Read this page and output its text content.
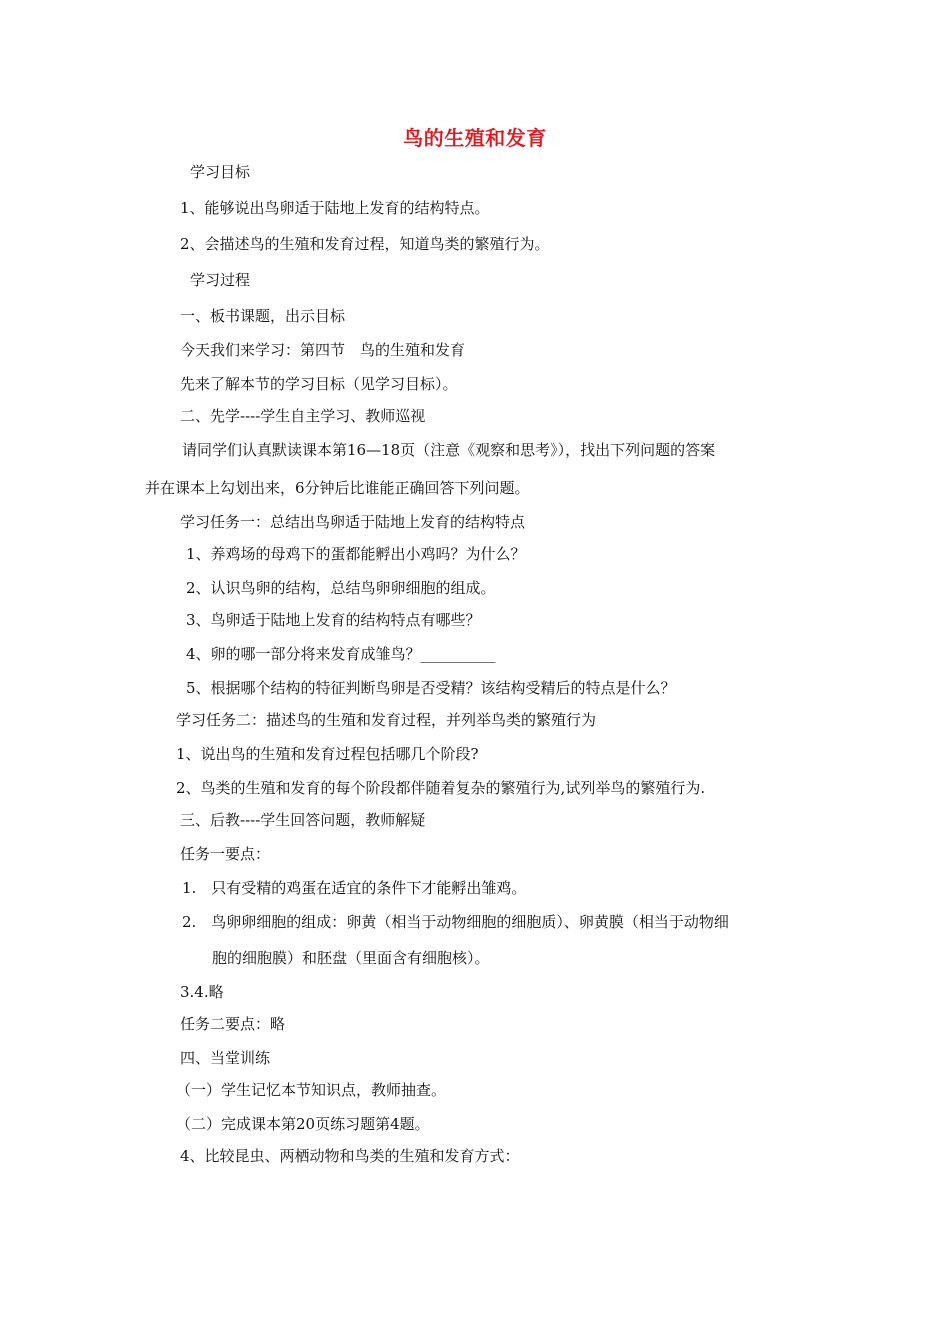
鸟的生殖和发育
学习目标
1、能够说出鸟卵适于陆地上发育的结构特点。
2、会描述鸟的生殖和发育过程，知道鸟类的繁殖行为。
学习过程
一、板书课题，出示目标
今天我们来学习：第四节　鸟的生殖和发育
先来了解本节的学习目标（见学习目标）。
二、先学----学生自主学习、教师巡视
请同学们认真默读课本第16—18页（注意《观察和思考》），找出下列问题的答案
并在课本上勾划出来，6分钟后比谁能正确回答下列问题。
学习任务一：总结出鸟卵适于陆地上发育的结构特点
1、养鸡场的母鸡下的蛋都能孵出小鸡吗？为什么？
2、认识鸟卵的结构，总结鸟卵卵细胞的组成。
3、鸟卵适于陆地上发育的结构特点有哪些？
4、卵的哪一部分将来发育成雏鸟？__________
5、根据哪个结构的特征判断鸟卵是否受精？该结构受精后的特点是什么？
学习任务二：描述鸟的生殖和发育过程，并列举鸟类的繁殖行为
1、说出鸟的生殖和发育过程包括哪几个阶段?
2、鸟类的生殖和发育的每个阶段都伴随着复杂的繁殖行为,试列举鸟的繁殖行为.
三、后教----学生回答问题，教师解疑
任务一要点：
1.　只有受精的鸡蛋在适宜的条件下才能孵出雏鸡。
2.　鸟卵卵细胞的组成：卵黄（相当于动物细胞的细胞质）、卵黄膜（相当于动物细
胞的细胞膜）和胚盘（里面含有细胞核）。
3.4.略
任务二要点：略
四、当堂训练
（一）学生记忆本节知识点，教师抽查。
（二）完成课本第20页练习题第4题。
4、比较昆虫、两栖动物和鸟类的生殖和发育方式：
